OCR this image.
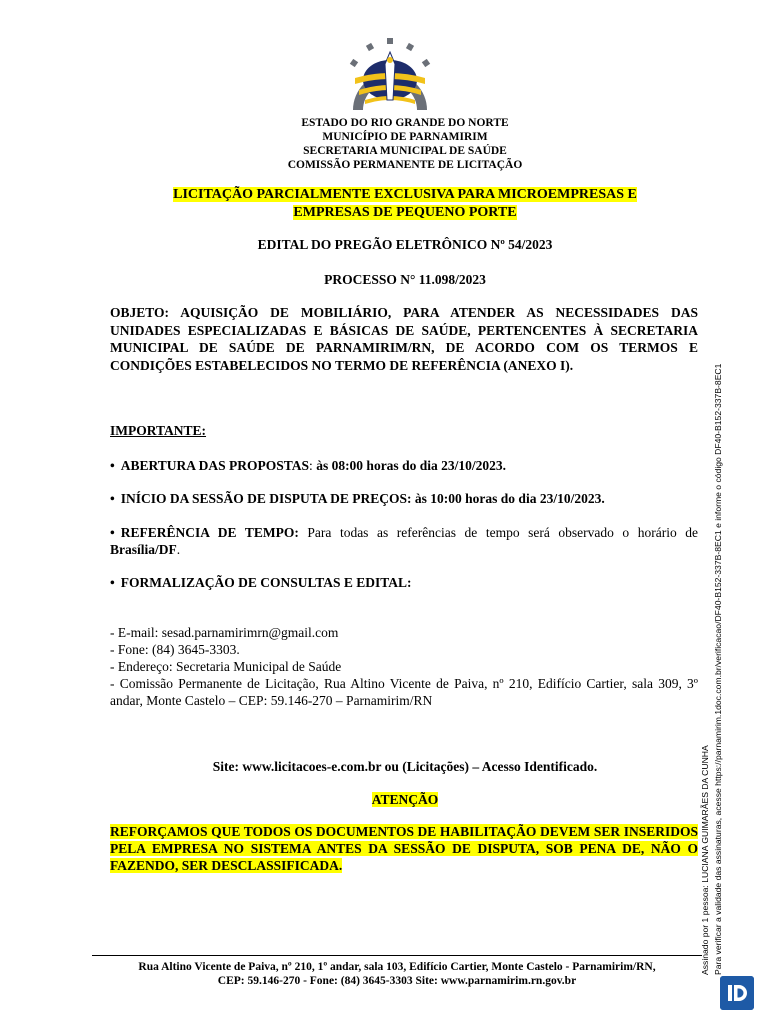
ESTADO DO RIO GRANDE DO NORTE
MUNICÍPIO DE PARNAMIRIM
SECRETARIA MUNICIPAL DE SAÚDE
COMISSÃO PERMANENTE DE LICITAÇÃO
LICITAÇÃO PARCIALMENTE EXCLUSIVA PARA MICROEMPRESAS E
EMPRESAS DE PEQUENO PORTE
EDITAL DO PREGÃO ELETRÔNICO Nº 54/2023
PROCESSO N° 11.098/2023
OBJETO: AQUISIÇÃO DE MOBILIÁRIO, PARA ATENDER AS NECESSIDADES DAS UNIDADES ESPECIALIZADAS E BÁSICAS DE SAÚDE, PERTENCENTES À SECRETARIA MUNICIPAL DE SAÚDE DE PARNAMIRIM/RN, DE ACORDO COM OS TERMOS E CONDIÇÕES ESTABELECIDOS NO TERMO DE REFERÊNCIA (ANEXO I).
IMPORTANTE:
• ABERTURA DAS PROPOSTAS: às 08:00 horas do dia 23/10/2023.
• INÍCIO DA SESSÃO DE DISPUTA DE PREÇOS: às 10:00 horas do dia 23/10/2023.
• REFERÊNCIA DE TEMPO: Para todas as referências de tempo será observado o horário de Brasília/DF.
• FORMALIZAÇÃO DE CONSULTAS E EDITAL:
- E-mail: sesad.parnamirimrn@gmail.com
- Fone: (84) 3645-3303.
- Endereço: Secretaria Municipal de Saúde
- Comissão Permanente de Licitação, Rua Altino Vicente de Paiva, nº 210, Edifício Cartier, sala 309, 3º andar, Monte Castelo – CEP: 59.146-270 – Parnamirim/RN
Site: www.licitacoes-e.com.br ou (Licitações) – Acesso Identificado.
ATENÇÃO
REFORÇAMOS QUE TODOS OS DOCUMENTOS DE HABILITAÇÃO DEVEM SER INSERIDOS PELA EMPRESA NO SISTEMA ANTES DA SESSÃO DE DISPUTA, SOB PENA DE, NÃO O FAZENDO, SER DESCLASSIFICADA.
Rua Altino Vicente de Paiva, nº 210, 1º andar, sala 103, Edifício Cartier, Monte Castelo - Parnamirim/RN,
CEP: 59.146-270 - Fone: (84) 3645-3303 Site: www.parnamirim.rn.gov.br
Assinado por 1 pessoa: LUCIANA GUIMARÃES DA CUNHA Para verificar a validade das assinaturas, acesse https://parnamirim.1doc.com.br/verificacao/DF40-B152-337B-8EC1 e informe o código DF40-B152-337B-8EC1
